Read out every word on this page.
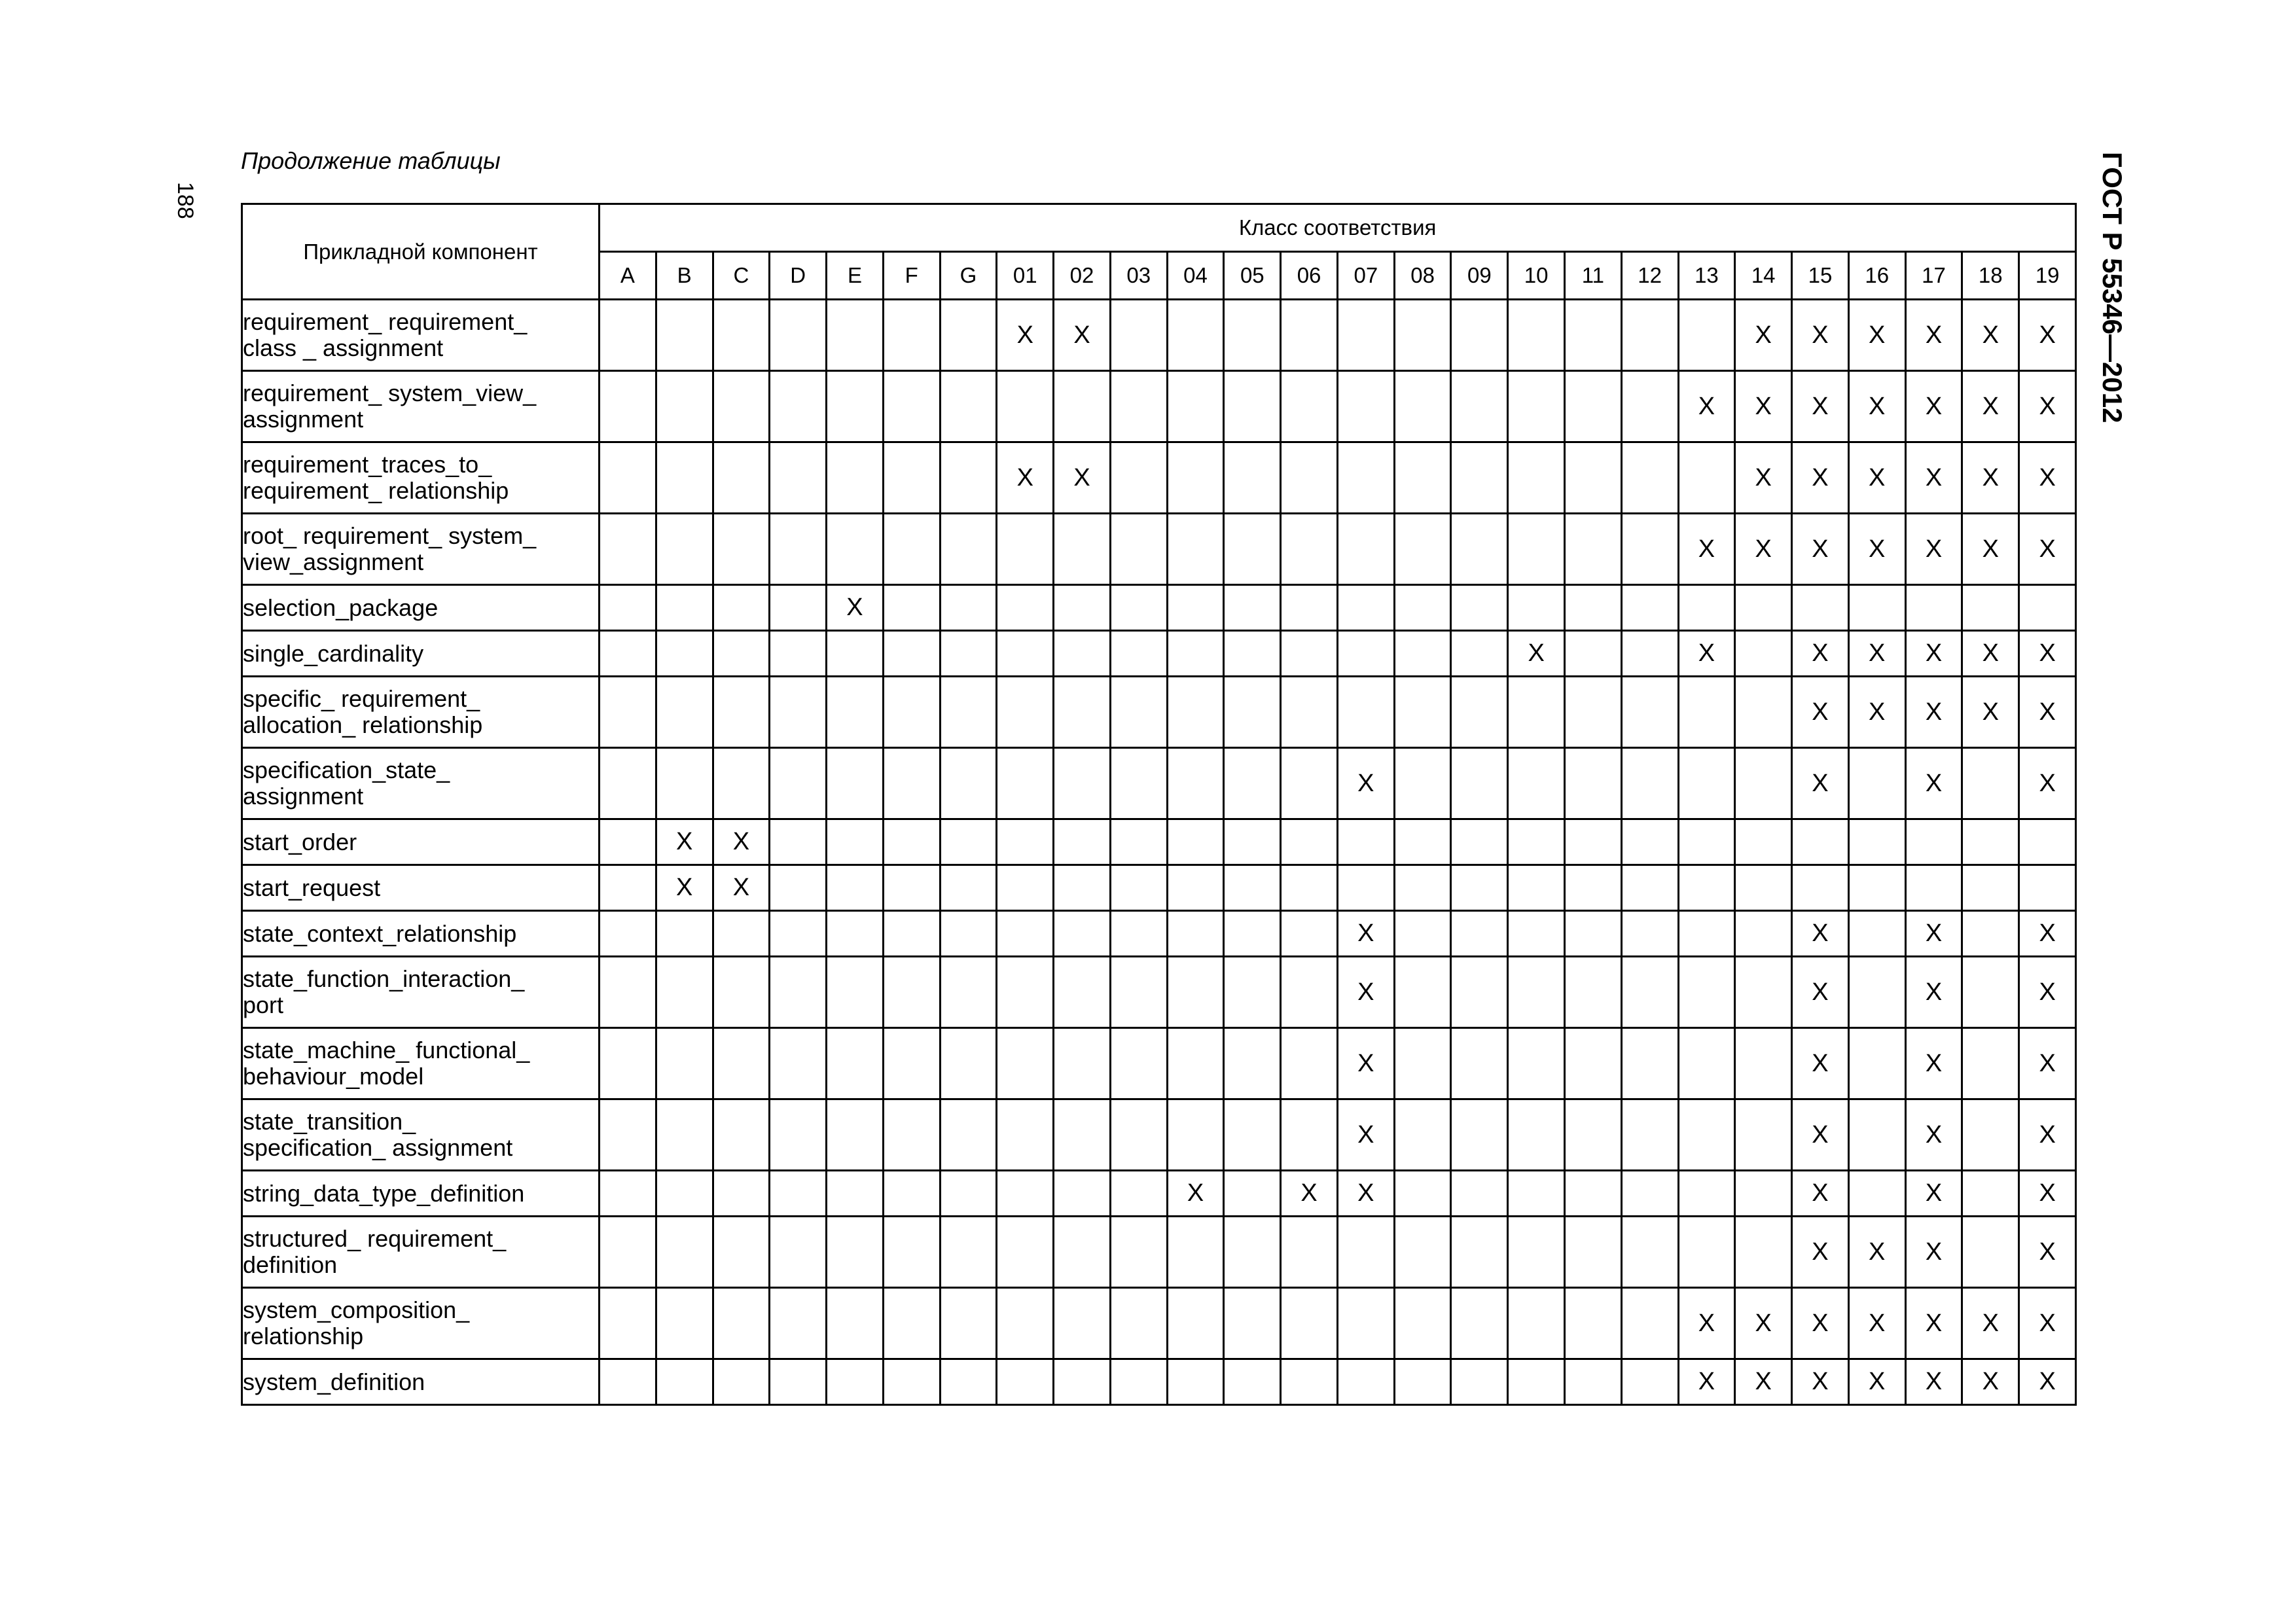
188
Продолжение таблицы	ГОСТ Р 55346—2012
Прикладной компонент	Класс соответствия																									
	A	B	C	D	E	F	G	01	02	03	04	05	06	07	08	09	10	11	12	13	14	15	16	17	18	19
requirement_ requirement_
class _ assignment								X	X												X	X	X	X	X	X
requirement_ system_view_
assignment																				X	X	X	X	X	X	X
requirement_traces_to_
requirement_ relationship								X	X												X	X	X	X	X	X
root_ requirement_ system_
view_assignment																				X	X	X	X	X	X	X
selection_package					X																					
single_cardinality																	X			X		X	X	X	X	X
specific_ requirement_
allocation_ relationship																						X	X	X	X	X
specification_state_
assignment														X								X		X		X
start_order		X	X																							
start_request		X	X																							
state_context_relationship														X								X		X		X
state_function_interaction_
port														X								X		X		X
state_machine_ functional_
behaviour_model														X								X		X		X
state_transition_
specification_ assignment														X								X		X		X
string_data_type_definition											X		X	X								X		X		X
structured_ requirement_
definition																						X	X	X		X
system_composition_
relationship																				X	X	X	X	X	X	X
system_definition																				X	X	X	X	X	X	X
